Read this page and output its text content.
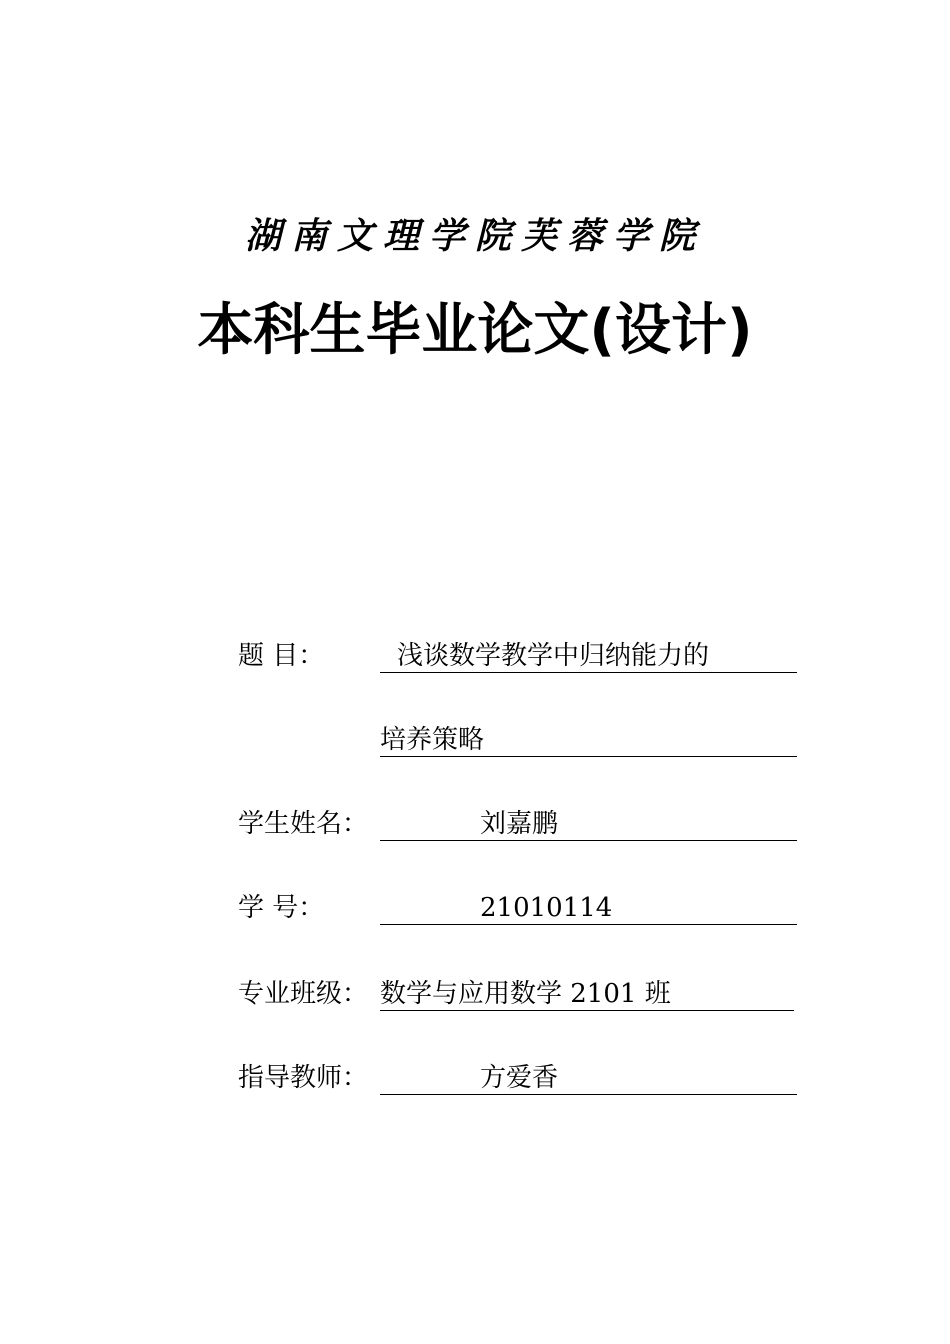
湖南文理学院芙蓉学院
本科生毕业论文(设计)
题 目：	浅谈数学教学中归纳能力的
培养策略
学生姓名：	刘嘉鹏
学 号：	21010114
专业班级： 数学与应用数学 2101 班
指导教师：	方爱香
